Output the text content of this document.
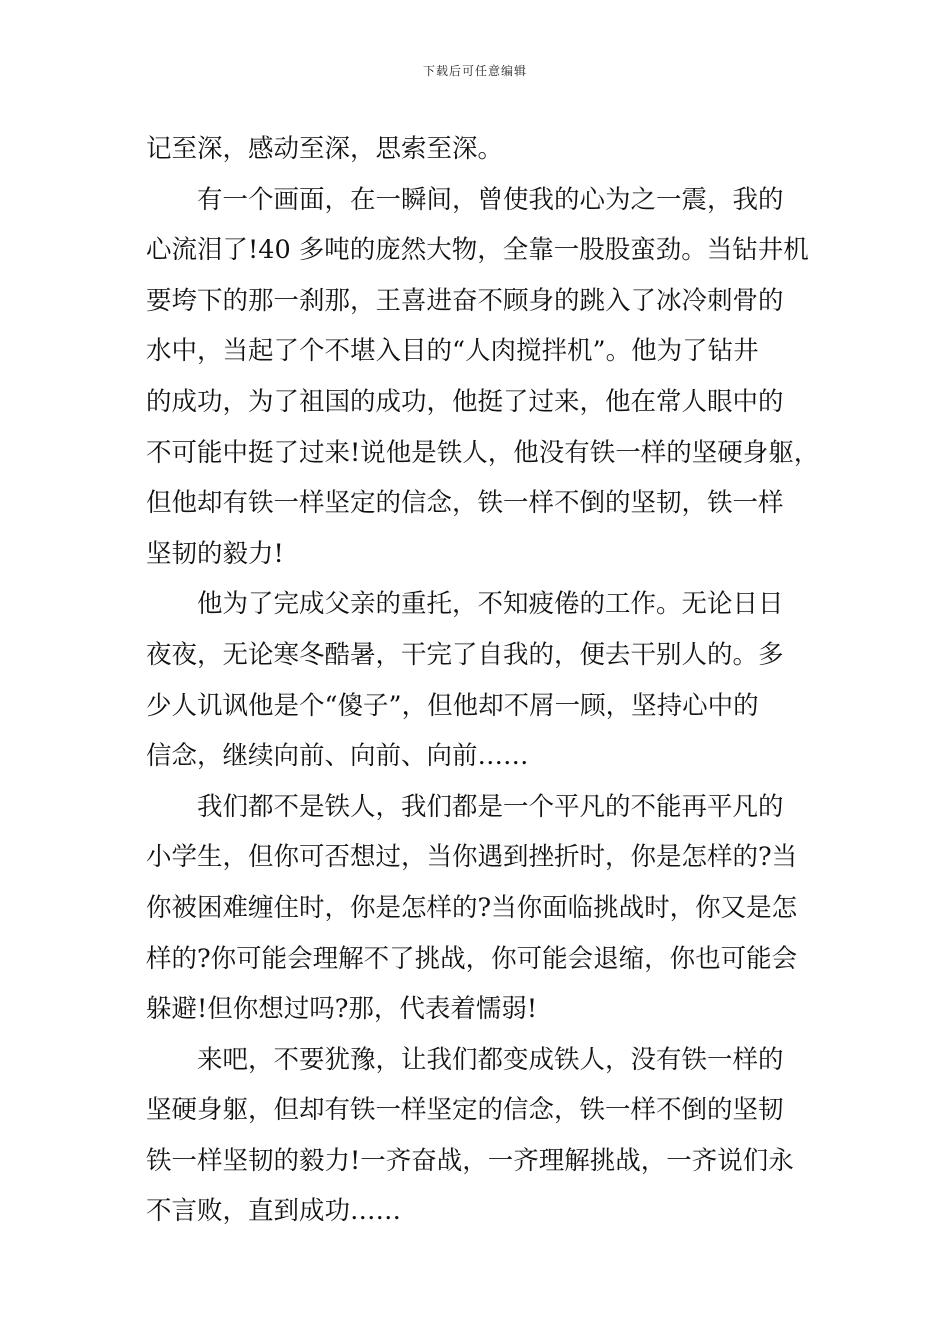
下载后可任意编辑

记至深，感动至深，思索至深。

有一个画面，在一瞬间，曾使我的心为之一震，我的
心流泪了!40 多吨的庞然大物，全靠一股股蛮劲。当钻井机
要垮下的那一刹那，王喜进奋不顾身的跳入了冰冷刺骨的
水中，当起了个不堪入目的“人肉搅拌机”。他为了钻井
的成功，为了祖国的成功，他挺了过来，他在常人眼中的
不可能中挺了过来!说他是铁人，他没有铁一样的坚硬身躯，
但他却有铁一样坚定的信念，铁一样不倒的坚韧，铁一样
坚韧的毅力!

他为了完成父亲的重托，不知疲倦的工作。无论日日
夜夜，无论寒冬酷暑，干完了自我的，便去干别人的。多
少人讥讽他是个“傻子”，但他却不屑一顾，坚持心中的
信念，继续向前、向前、向前……

我们都不是铁人，我们都是一个平凡的不能再平凡的
小学生，但你可否想过，当你遇到挫折时，你是怎样的?当
你被困难缠住时，你是怎样的?当你面临挑战时，你又是怎
样的?你可能会理解不了挑战，你可能会退缩，你也可能会
躲避!但你想过吗?那，代表着懦弱!

来吧，不要犹豫，让我们都变成铁人，没有铁一样的
坚硬身躯，但却有铁一样坚定的信念，铁一样不倒的坚韧
铁一样坚韧的毅力!一齐奋战，一齐理解挑战，一齐说们永
不言败，直到成功……
